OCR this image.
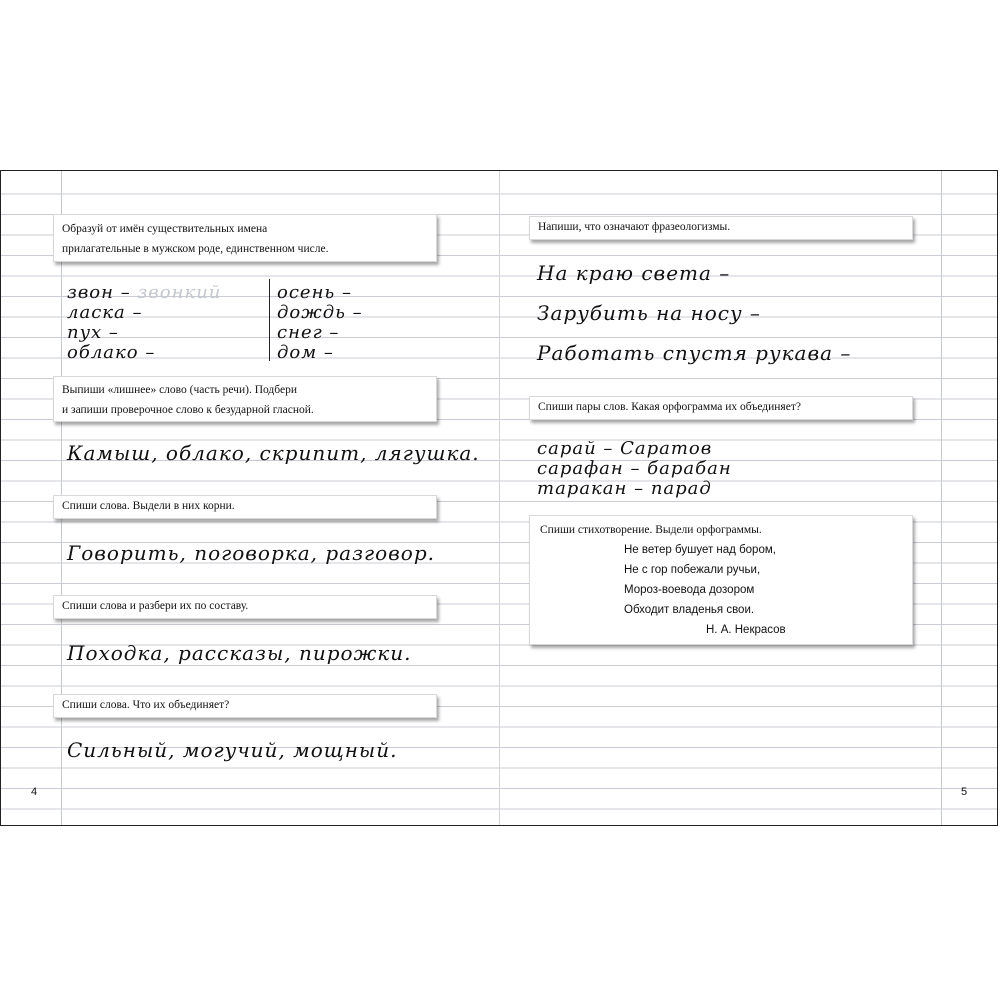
4	5
Образуй от имён существительных имена
прилагательные в мужском роде, единственном числе.
звон – звонкий
ласка –
пух –
облако –
осень –
дождь –
снег –
дом –
Выпиши «лишнее» слово (часть речи). Подбери
и запиши проверочное слово к безударной гласной.
Камыш, облако, скрипит, лягушка.
Спиши слова. Выдели в них корни.
Говорить, поговорка, разговор.
Спиши слова и разбери их по составу.
Походка, рассказы, пирожки.
Спиши слова. Что их объединяет?
Сильный, могучий, мощный.
Напиши, что означают фразеологизмы.
На краю света –
Зарубить на носу –
Работать спустя рукава –
Спиши пары слов. Какая орфограмма их объединяет?
сарай – Саратов
сарафан – барабан
таракан – парад
Спиши стихотворение. Выдели орфограммы.
Не ветер бушует над бором,
Не с гор побежали ручьи,
Мороз-воевода дозором
Обходит владенья свои.
Н. А. Некрасов
